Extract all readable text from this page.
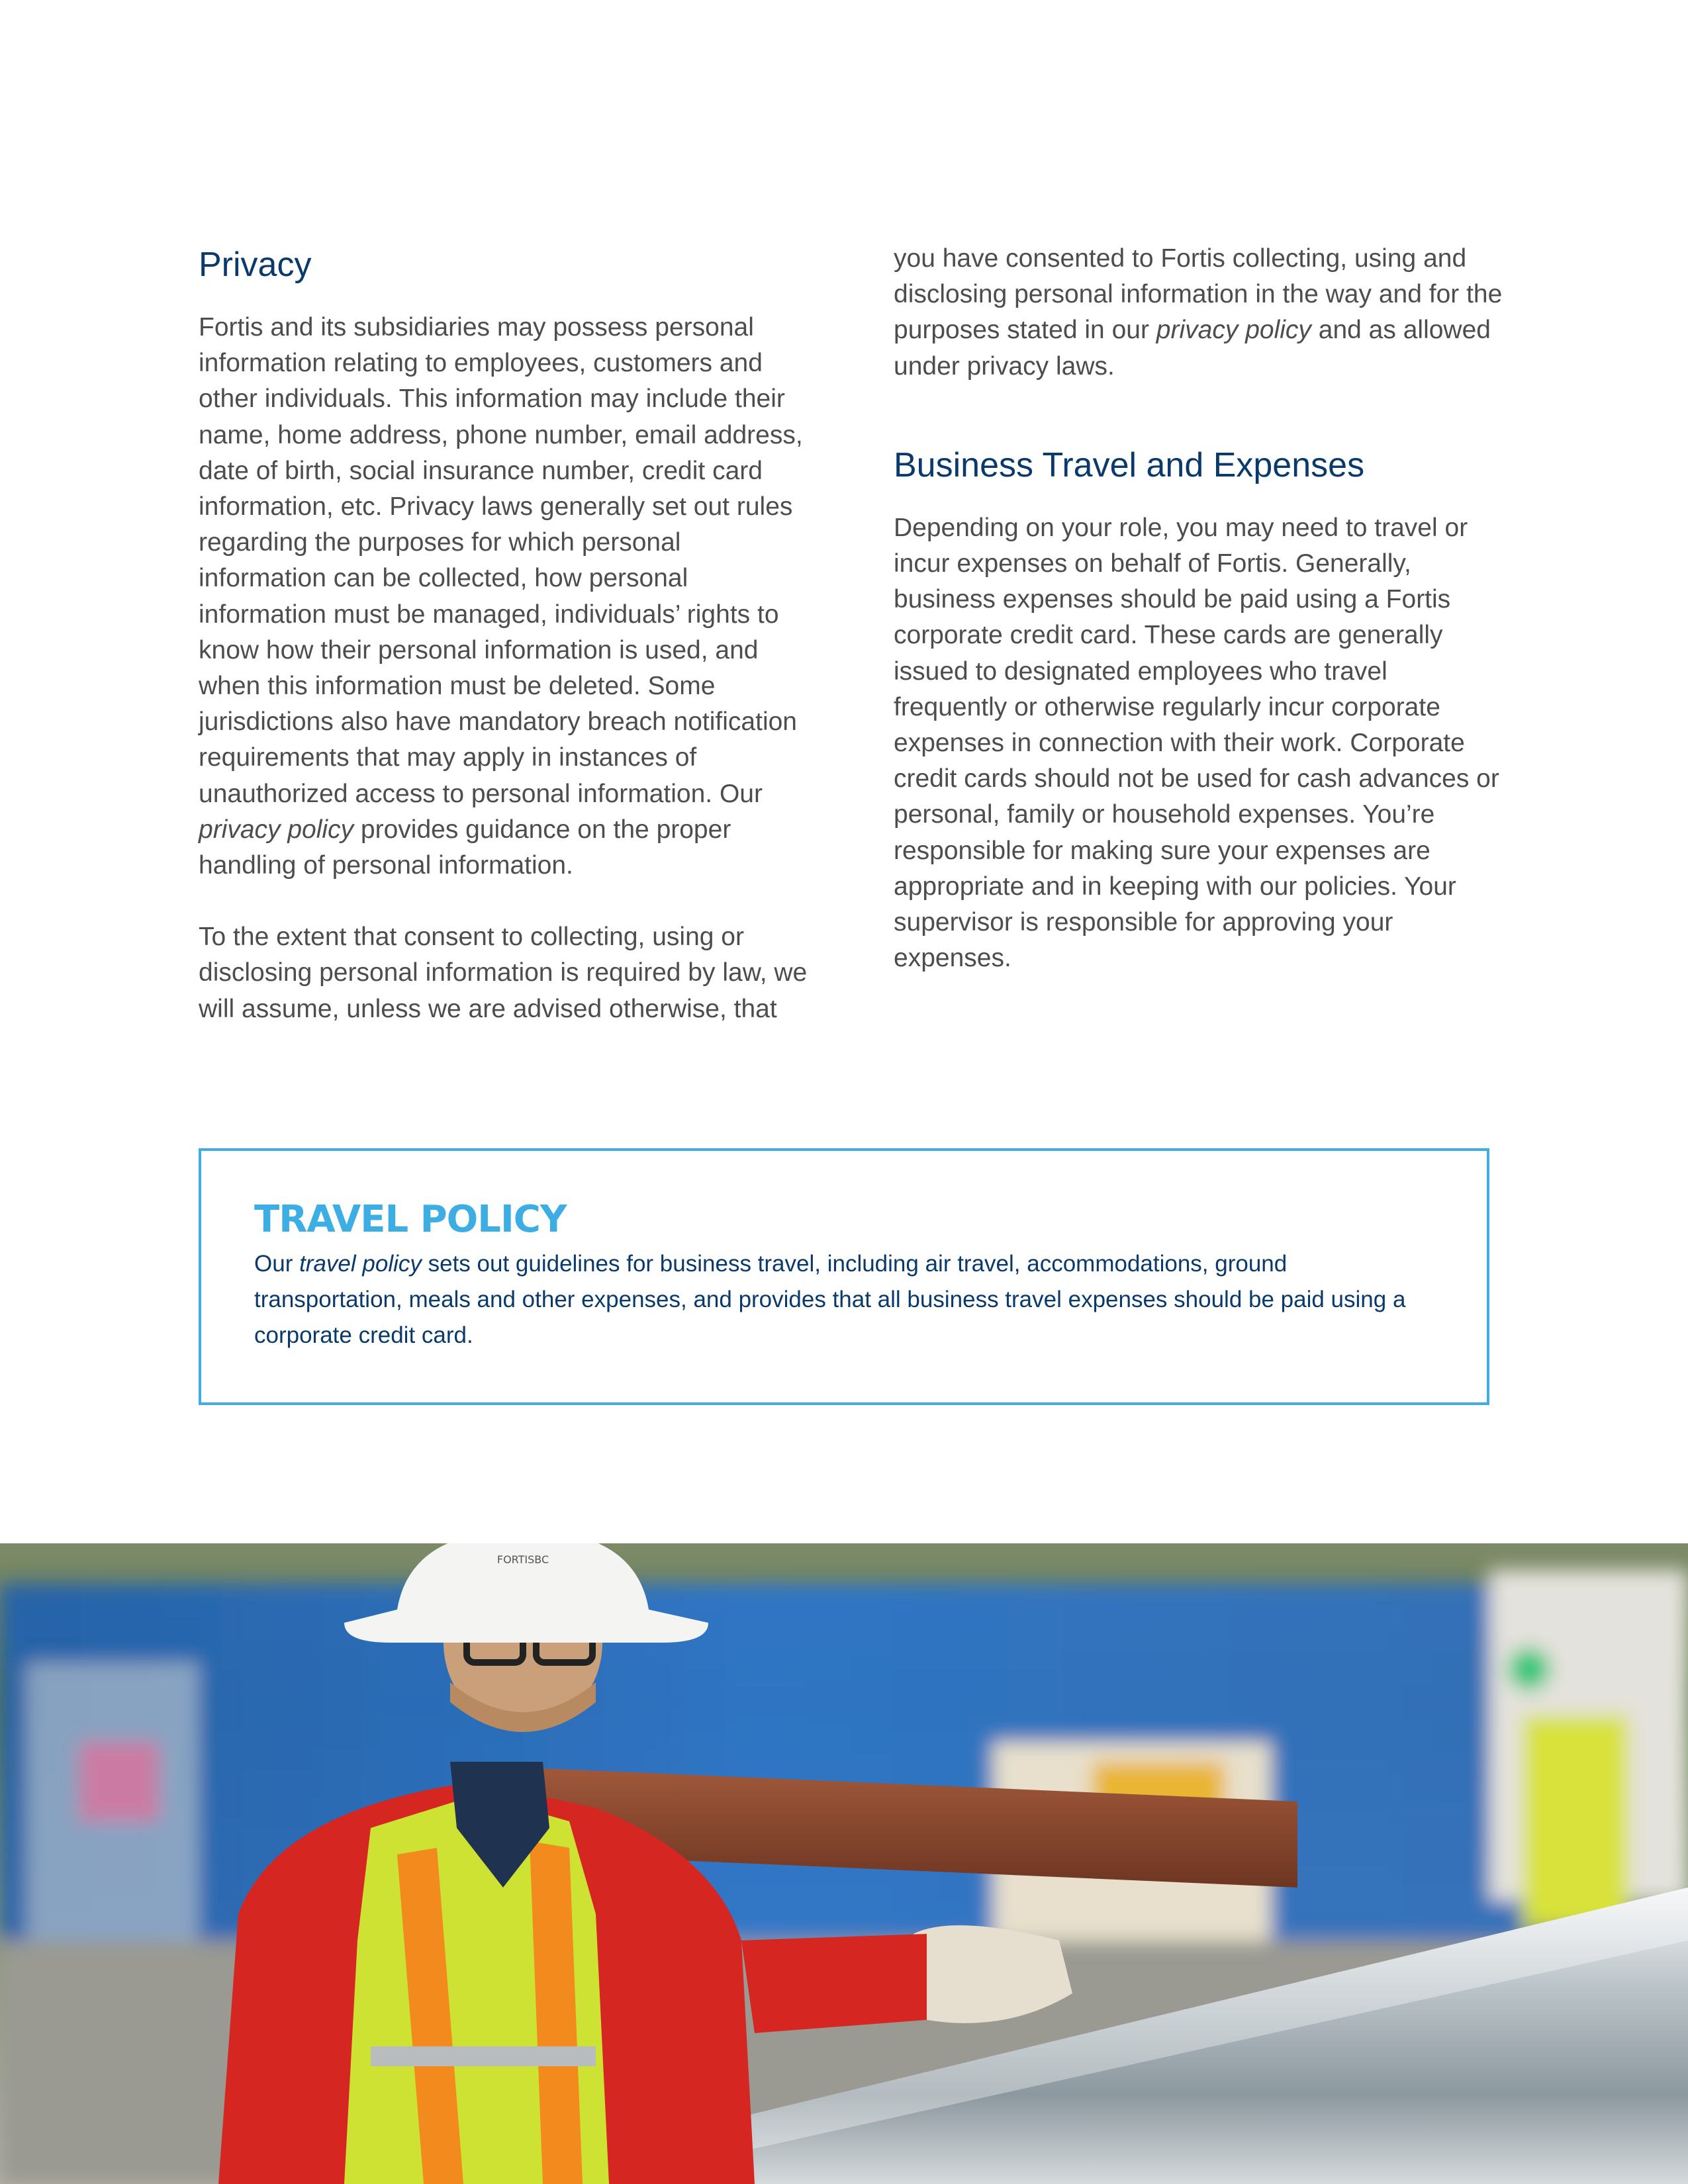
Privacy

Fortis and its subsidiaries may possess personal information relating to employees, customers and other individuals. This information may include their name, home address, phone number, email address, date of birth, social insurance number, credit card information, etc. Privacy laws generally set out rules regarding the purposes for which personal information can be collected, how personal information must be managed, individuals’ rights to know how their personal information is used, and when this information must be deleted. Some jurisdictions also have mandatory breach notification requirements that may apply in instances of unauthorized access to personal information. Our privacy policy provides guidance on the proper handling of personal information.

To the extent that consent to collecting, using or disclosing personal information is required by law, we will assume, unless we are advised otherwise, that

you have consented to Fortis collecting, using and disclosing personal information in the way and for the purposes stated in our privacy policy and as allowed under privacy laws.

Business Travel and Expenses

Depending on your role, you may need to travel or incur expenses on behalf of Fortis. Generally, business expenses should be paid using a Fortis corporate credit card. These cards are generally issued to designated employees who travel frequently or otherwise regularly incur corporate expenses in connection with their work. Corporate credit cards should not be used for cash advances or personal, family or household expenses. You’re responsible for making sure your expenses are appropriate and in keeping with our policies. Your supervisor is responsible for approving your expenses.

TRAVEL POLICY

Our travel policy sets out guidelines for business travel, including air travel, accommodations, ground transportation, meals and other expenses, and provides that all business travel expenses should be paid using a corporate credit card.

FORTISBC
